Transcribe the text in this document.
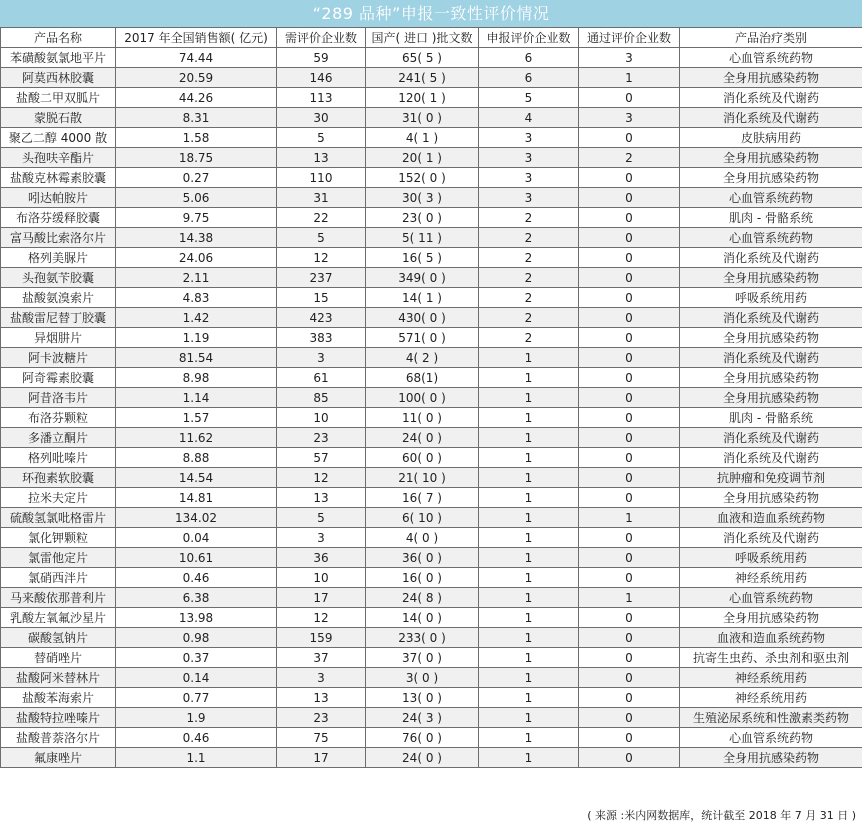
“289 品种”申报一致性评价情况
产品名称	2017 年全国销售额( 亿元)	需评价企业数	国产( 进口 )批文数	申报评价企业数	通过评价企业数	产品治疗类别
苯磺酸氨氯地平片	74.44	59	65( 5 )	6	3	心血管系统药物
阿莫西林胶囊	20.59	146	241( 5 )	6	1	全身用抗感染药物
盐酸二甲双胍片	44.26	113	120( 1 )	5	0	消化系统及代谢药
蒙脱石散	8.31	30	31( 0 )	4	3	消化系统及代谢药
聚乙二醇 4000 散	1.58	5	4( 1 )	3	0	皮肤病用药
头孢呋辛酯片	18.75	13	20( 1 )	3	2	全身用抗感染药物
盐酸克林霉素胶囊	0.27	110	152( 0 )	3	0	全身用抗感染药物
吲达帕胺片	5.06	31	30( 3 )	3	0	心血管系统药物
布洛芬缓释胶囊	9.75	22	23( 0 )	2	0	肌肉 - 骨骼系统
富马酸比索洛尔片	14.38	5	5( 11 )	2	0	心血管系统药物
格列美脲片	24.06	12	16( 5 )	2	0	消化系统及代谢药
头孢氨苄胶囊	2.11	237	349( 0 )	2	0	全身用抗感染药物
盐酸氨溴索片	4.83	15	14( 1 )	2	0	呼吸系统用药
盐酸雷尼替丁胶囊	1.42	423	430( 0 )	2	0	消化系统及代谢药
异烟肼片	1.19	383	571( 0 )	2	0	全身用抗感染药物
阿卡波糖片	81.54	3	4( 2 )	1	0	消化系统及代谢药
阿奇霉素胶囊	8.98	61	68(1)	1	0	全身用抗感染药物
阿昔洛韦片	1.14	85	100( 0 )	1	0	全身用抗感染药物
布洛芬颗粒	1.57	10	11( 0 )	1	0	肌肉 - 骨骼系统
多潘立酮片	11.62	23	24( 0 )	1	0	消化系统及代谢药
格列吡嗪片	8.88	57	60( 0 )	1	0	消化系统及代谢药
环孢素软胶囊	14.54	12	21( 10 )	1	0	抗肿瘤和免疫调节剂
拉米夫定片	14.81	13	16( 7 )	1	0	全身用抗感染药物
硫酸氢氯吡格雷片	134.02	5	6( 10 )	1	1	血液和造血系统药物
氯化钾颗粒	0.04	3	4( 0 )	1	0	消化系统及代谢药
氯雷他定片	10.61	36	36( 0 )	1	0	呼吸系统用药
氯硝西泮片	0.46	10	16( 0 )	1	0	神经系统用药
马来酸依那普利片	6.38	17	24( 8 )	1	1	心血管系统药物
乳酸左氧氟沙星片	13.98	12	14( 0 )	1	0	全身用抗感染药物
碳酸氢钠片	0.98	159	233( 0 )	1	0	血液和造血系统药物
替硝唑片	0.37	37	37( 0 )	1	0	抗寄生虫药、杀虫剂和驱虫剂
盐酸阿米替林片	0.14	3	3( 0 )	1	0	神经系统用药
盐酸苯海索片	0.77	13	13( 0 )	1	0	神经系统用药
盐酸特拉唑嗪片	1.9	23	24( 3 )	1	0	生殖泌尿系统和性激素类药物
盐酸普萘洛尔片	0.46	75	76( 0 )	1	0	心血管系统药物
氟康唑片	1.1	17	24( 0 )	1	0	全身用抗感染药物
( 来源 :米内网数据库，统计截至 2018 年 7 月 31 日 )
